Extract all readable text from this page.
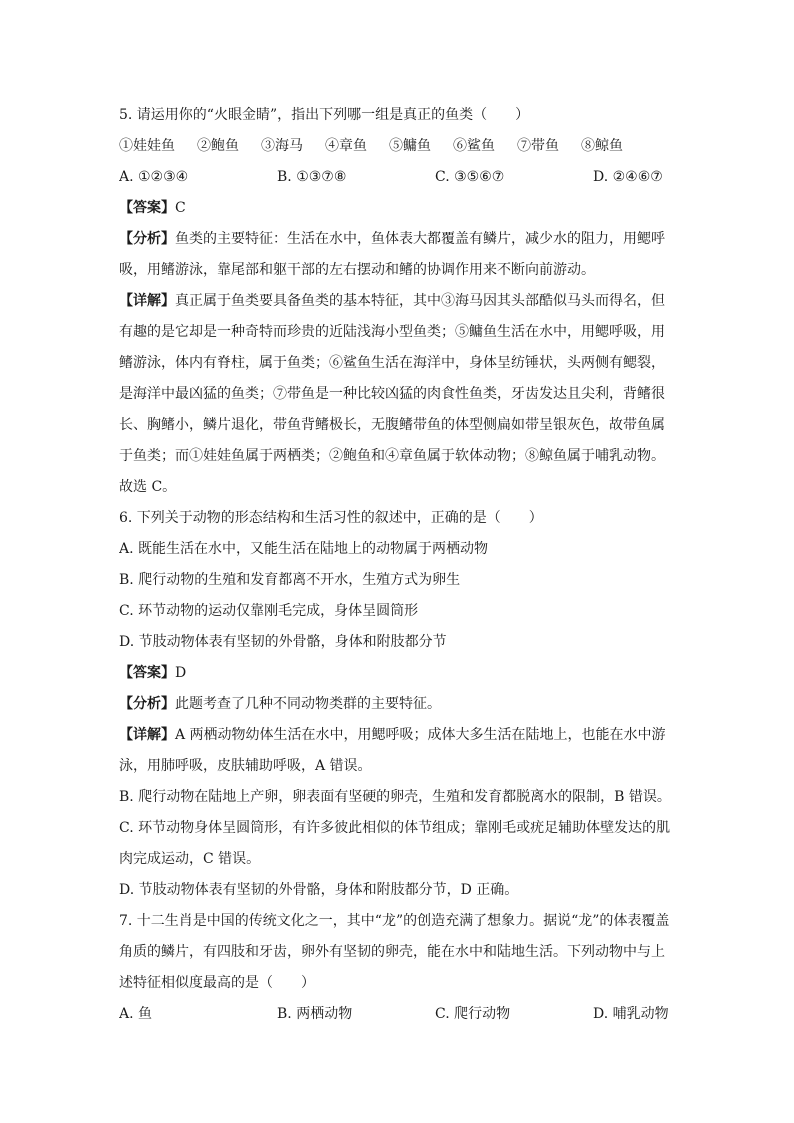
5. 请运用你的“火眼金睛”，指出下列哪一组是真正的鱼类（　　）
①娃娃鱼 ②鲍鱼 ③海马 ④章鱼 ⑤鳙鱼 ⑥鲨鱼 ⑦带鱼 ⑧鲸鱼
A. ①②③④	B. ①③⑦⑧	C. ③⑤⑥⑦	D. ②④⑥⑦
【答案】C
【分析】鱼类的主要特征：生活在水中，鱼体表大都覆盖有鳞片，减少水的阻力，用鳃呼
吸，用鳍游泳，靠尾部和躯干部的左右摆动和鳍的协调作用来不断向前游动。
【详解】真正属于鱼类要具备鱼类的基本特征，其中③海马因其头部酷似马头而得名，但
有趣的是它却是一种奇特而珍贵的近陆浅海小型鱼类；⑤鳙鱼生活在水中，用鳃呼吸，用
鳍游泳，体内有脊柱，属于鱼类；⑥鲨鱼生活在海洋中，身体呈纺锤状，头两侧有鳃裂，
是海洋中最凶猛的鱼类；⑦带鱼是一种比较凶猛的肉食性鱼类，牙齿发达且尖利，背鳍很
长、胸鳍小，鳞片退化，带鱼背鳍极长，无腹鳍带鱼的体型侧扁如带呈银灰色，故带鱼属
于鱼类；而①娃娃鱼属于两栖类；②鲍鱼和④章鱼属于软体动物；⑧鲸鱼属于哺乳动物。
故选 C。
6. 下列关于动物的形态结构和生活习性的叙述中，正确的是（　　）
A. 既能生活在水中，又能生活在陆地上的动物属于两栖动物
B. 爬行动物的生殖和发育都离不开水，生殖方式为卵生
C. 环节动物的运动仅靠刚毛完成，身体呈圆筒形
D. 节肢动物体表有坚韧的外骨骼，身体和附肢都分节
【答案】D
【分析】此题考查了几种不同动物类群的主要特征。
【详解】A 两栖动物幼体生活在水中，用鳃呼吸；成体大多生活在陆地上，也能在水中游
泳，用肺呼吸，皮肤辅助呼吸，A 错误。
B. 爬行动物在陆地上产卵，卵表面有坚硬的卵壳，生殖和发育都脱离水的限制，B 错误。
C. 环节动物身体呈圆筒形，有许多彼此相似的体节组成；靠刚毛或疣足辅助体壁发达的肌
肉完成运动，C 错误。
D. 节肢动物体表有坚韧的外骨骼，身体和附肢都分节，D 正确。
7. 十二生肖是中国的传统文化之一，其中“龙”的创造充满了想象力。据说“龙”的体表覆盖
角质的鳞片，有四肢和牙齿，卵外有坚韧的卵壳，能在水中和陆地生活。下列动物中与上
述特征相似度最高的是（　　）
A. 鱼	B. 两栖动物	C. 爬行动物	D. 哺乳动物
